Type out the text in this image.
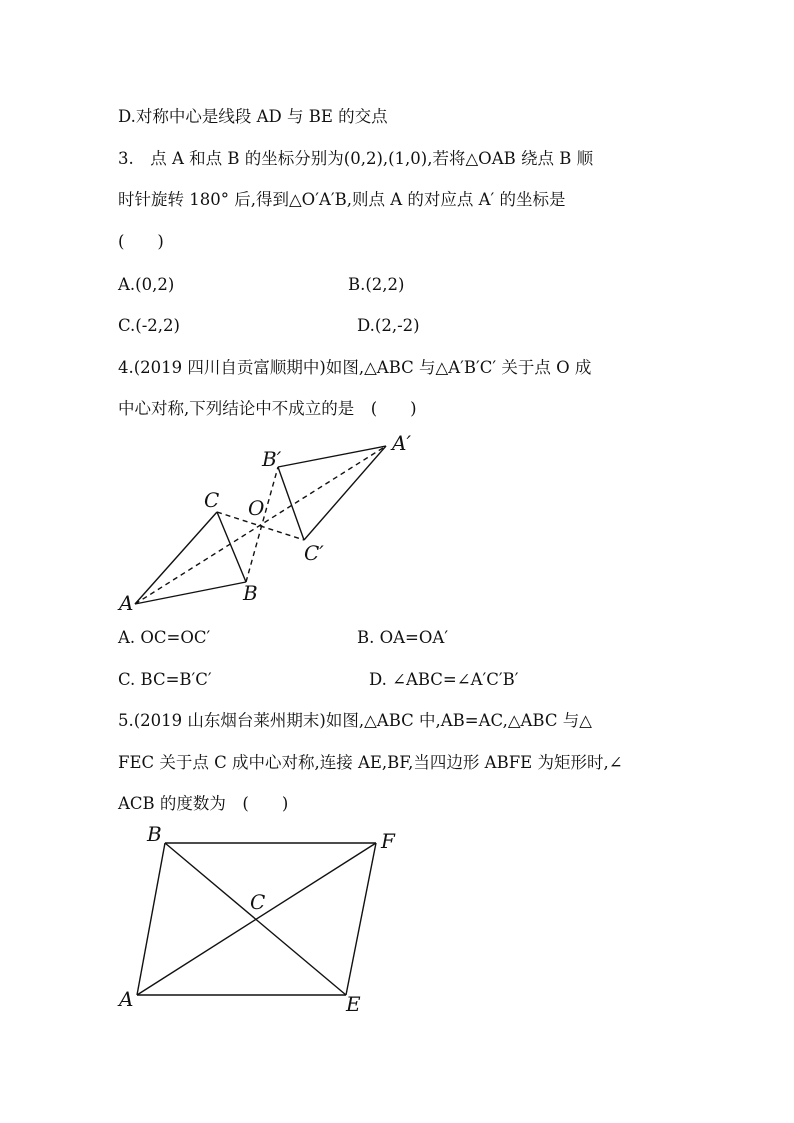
D.对称中心是线段 AD 与 BE 的交点
3.　点 A 和点 B 的坐标分别为(0,2),(1,0),若将△OAB 绕点 B 顺
时针旋转 180° 后,得到△O′A′B,则点 A 的对应点 A′ 的坐标是
(　　)
A.(0,2)	B.(2,2)
C.(-2,2)	D.(2,-2)
4.(2019 四川自贡富顺期中)如图,△ABC 与△A′B′C′ 关于点 O 成
中心对称,下列结论中不成立的是　(　　)
A	B
C O
A′
B′
C′
B	F
C
A	E
A. OC=OC′	B. OA=OA′
C. BC=B′C′	D. ∠ABC=∠A′C′B′
5.(2019 山东烟台莱州期末)如图,△ABC 中,AB=AC,△ABC 与△
FEC 关于点 C 成中心对称,连接 AE,BF,当四边形 ABFE 为矩形时,∠
ACB 的度数为　(　　)
